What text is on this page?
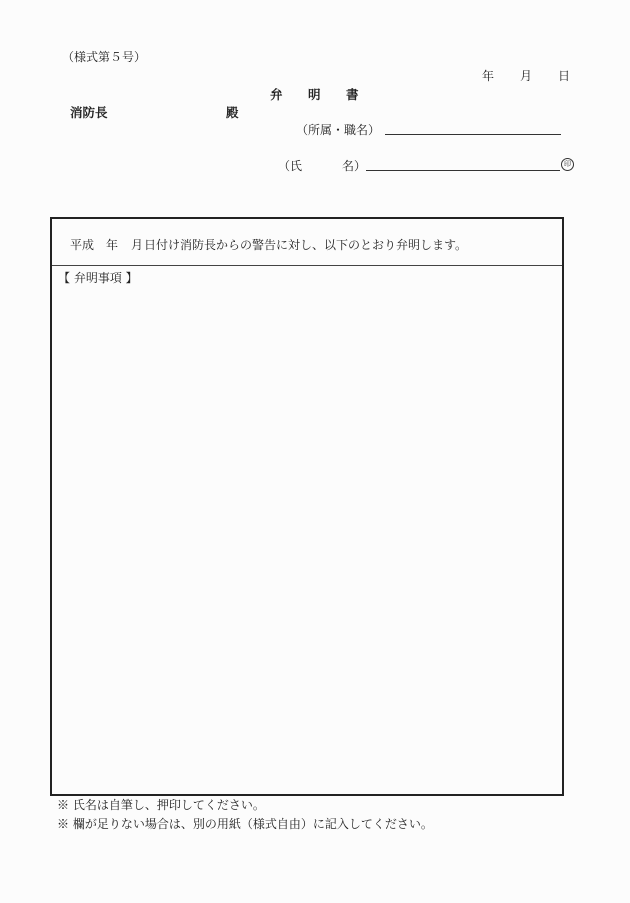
（様式第５号）
年 月 日
弁 明 書
消防長	殿
（所属・職名）
（氏	名）	印
平成 年 月日付け消防長からの警告に対し、以下のとおり弁明します。
【 弁明事項 】
※ 氏名は自筆し、押印してください。
※ 欄が足りない場合は、別の用紙（様式自由）に記入してください。
